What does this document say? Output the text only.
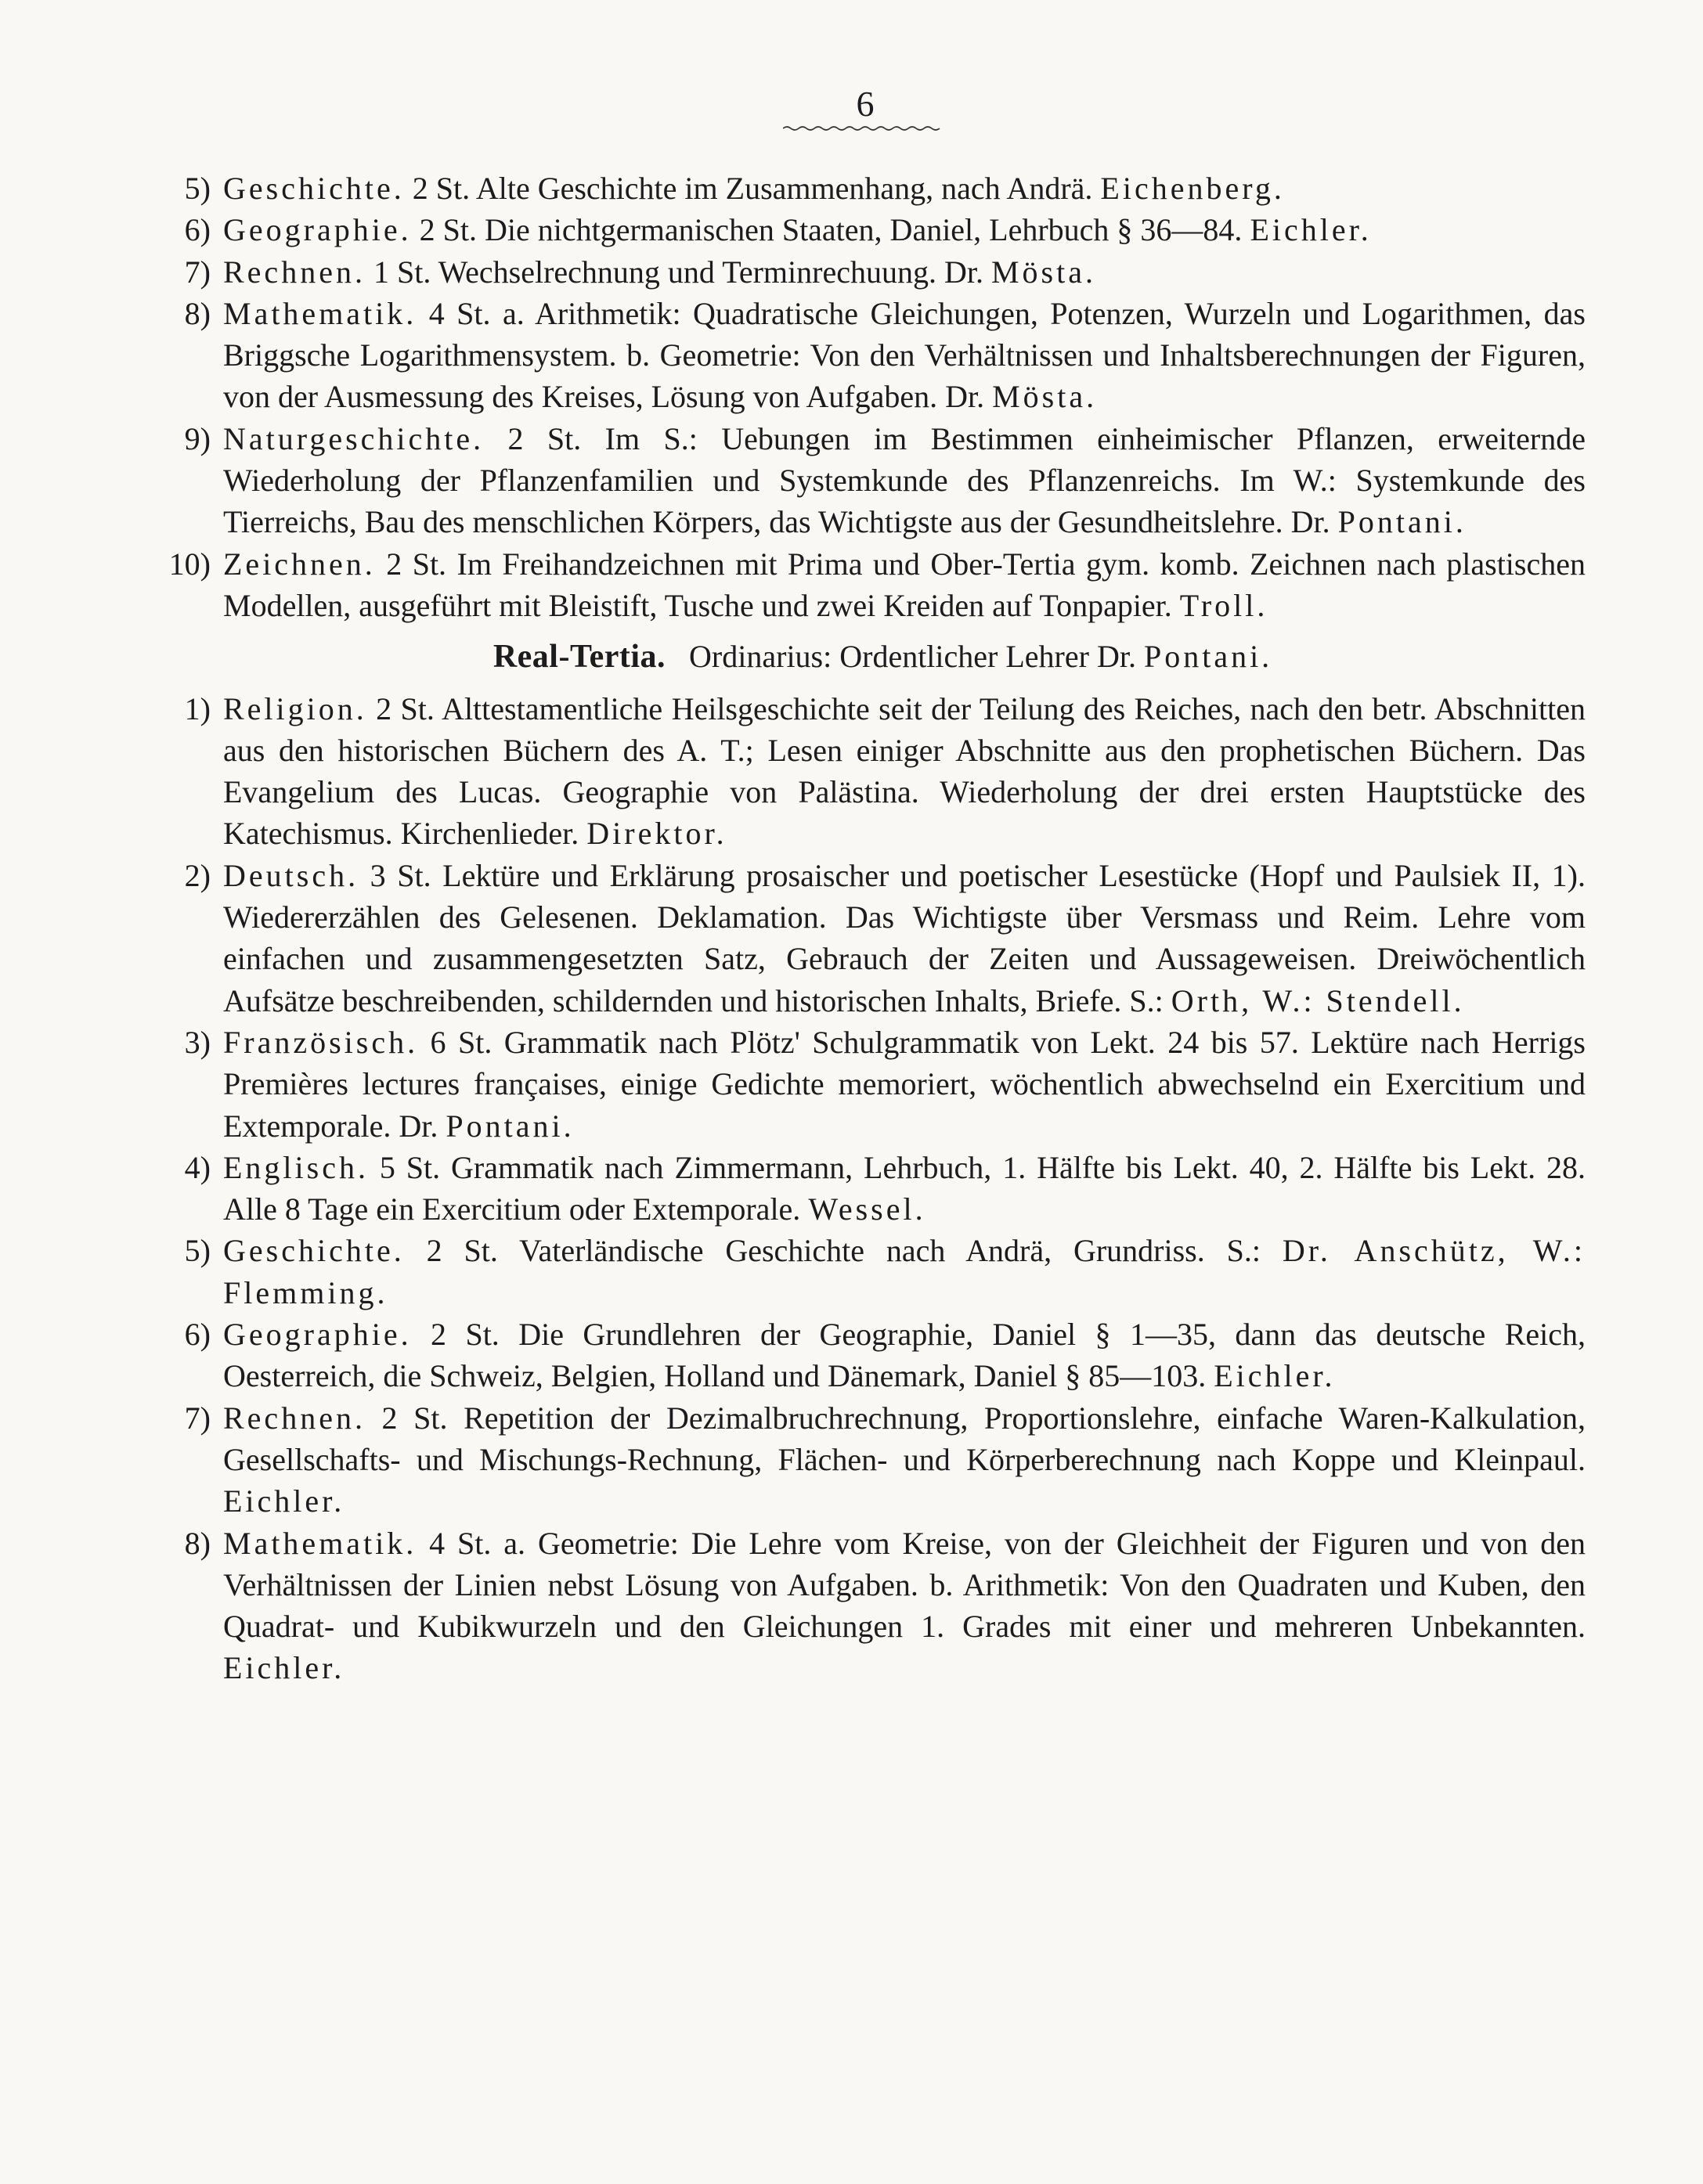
6
5) Geschichte. 2 St. Alte Geschichte im Zusammenhang, nach Andrä. Eichenberg.
6) Geographie. 2 St. Die nichtgermanischen Staaten, Daniel, Lehrbuch § 36—84. Eichler.
7) Rechnen. 1 St. Wechselrechnung und Terminrechuung. Dr. Mösta.
8) Mathematik. 4 St. a. Arithmetik: Quadratische Gleichungen, Potenzen, Wurzeln und Logarithmen, das Briggsche Logarithmensystem. b. Geometrie: Von den Verhältnissen und Inhaltsberechnungen der Figuren, von der Ausmessung des Kreises, Lösung von Aufgaben. Dr. Mösta.
9) Naturgeschichte. 2 St. Im S.: Uebungen im Bestimmen einheimischer Pflanzen, erweiternde Wiederholung der Pflanzenfamilien und Systemkunde des Pflanzenreichs. Im W.: Systemkunde des Tierreichs, Bau des menschlichen Körpers, das Wichtigste aus der Gesundheitslehre. Dr. Pontani.
10) Zeichnen. 2 St. Im Freihandzeichnen mit Prima und Ober-Tertia gym. komb. Zeichnen nach plastischen Modellen, ausgeführt mit Bleistift, Tusche und zwei Kreiden auf Tonpapier. Troll.
Real-Tertia. Ordinarius: Ordentlicher Lehrer Dr. Pontani.
1) Religion. 2 St. Alttestamentliche Heilsgeschichte seit der Teilung des Reiches, nach den betr. Abschnitten aus den historischen Büchern des A. T.; Lesen einiger Abschnitte aus den prophetischen Büchern. Das Evangelium des Lucas. Geographie von Palästina. Wiederholung der drei ersten Hauptstücke des Katechismus. Kirchenlieder. Direktor.
2) Deutsch. 3 St. Lektüre und Erklärung prosaischer und poetischer Lesestücke (Hopf und Paulsiek II, 1). Wiedererzählen des Gelesenen. Deklamation. Das Wichtigste über Versmass und Reim. Lehre vom einfachen und zusammengesetzten Satz, Gebrauch der Zeiten und Aussageweisen. Dreiwöchentlich Aufsätze beschreibenden, schildernden und historischen Inhalts, Briefe. S.: Orth, W.: Stendell.
3) Französisch. 6 St. Grammatik nach Plötz' Schulgrammatik von Lekt. 24 bis 57. Lektüre nach Herrigs Premières lectures françaises, einige Gedichte memoriert, wöchentlich abwechselnd ein Exercitium und Extemporale. Dr. Pontani.
4) Englisch. 5 St. Grammatik nach Zimmermann, Lehrbuch, 1. Hälfte bis Lekt. 40, 2. Hälfte bis Lekt. 28. Alle 8 Tage ein Exercitium oder Extemporale. Wessel.
5) Geschichte. 2 St. Vaterländische Geschichte nach Andrä, Grundriss. S.: Dr. Anschütz, W.: Flemming.
6) Geographie. 2 St. Die Grundlehren der Geographie, Daniel § 1—35, dann das deutsche Reich, Oesterreich, die Schweiz, Belgien, Holland und Dänemark, Daniel § 85—103. Eichler.
7) Rechnen. 2 St. Repetition der Dezimalbruchrechnung, Proportionslehre, einfache Waren-Kalkulation, Gesellschafts- und Mischungs-Rechnung, Flächen- und Körperberechnung nach Koppe und Kleinpaul. Eichler.
8) Mathematik. 4 St. a. Geometrie: Die Lehre vom Kreise, von der Gleichheit der Figuren und von den Verhältnissen der Linien nebst Lösung von Aufgaben. b. Arithmetik: Von den Quadraten und Kuben, den Quadrat- und Kubikwurzeln und den Gleichungen 1. Grades mit einer und mehreren Unbekannten. Eichler.
